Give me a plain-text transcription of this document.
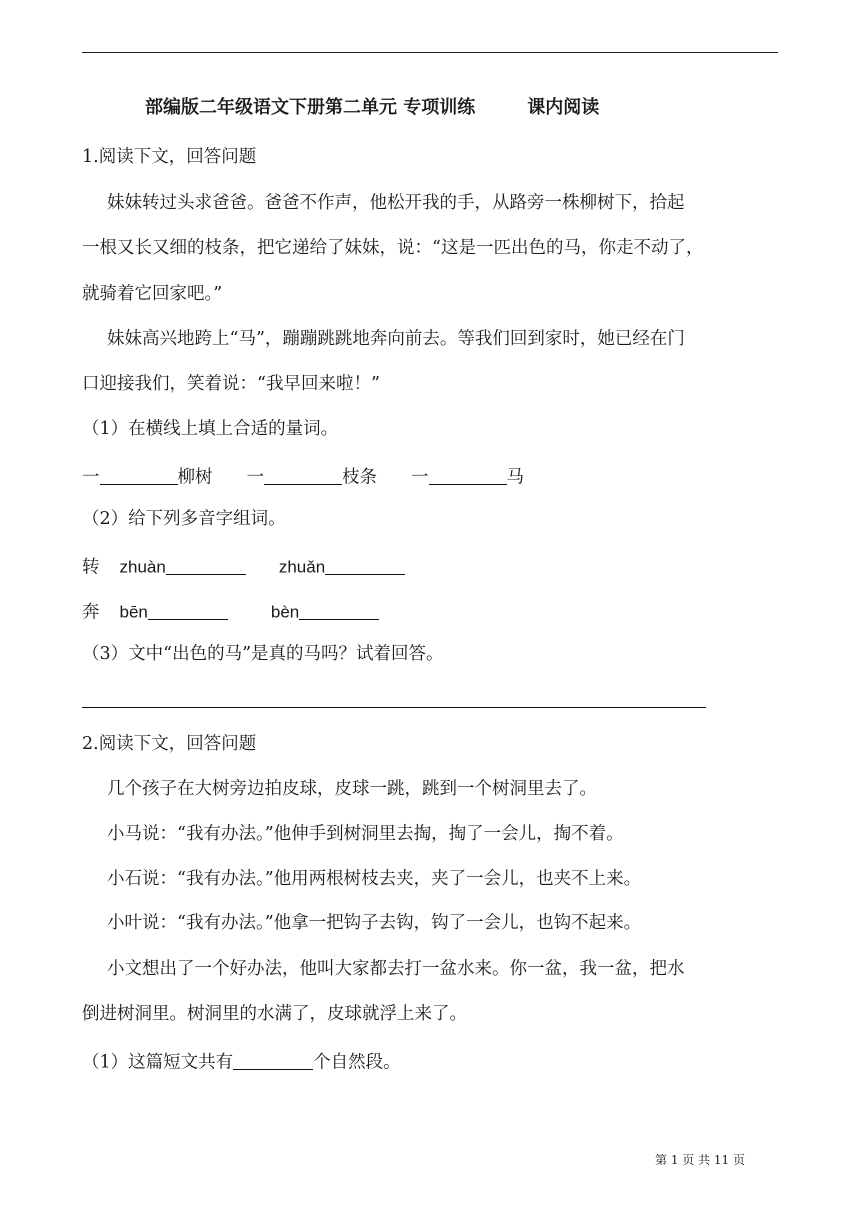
部编版二年级语文下册第二单元 专项训练	课内阅读
1.阅读下文，回答问题
妹妹转过头求爸爸。爸爸不作声，他松开我的手，从路旁一株柳树下，拾起
一根又长又细的枝条，把它递给了妹妹，说：“这是一匹出色的马，你走不动了，
就骑着它回家吧。”
妹妹高兴地跨上“马”，蹦蹦跳跳地奔向前去。等我们回到家时，她已经在门
口迎接我们，笑着说：“我早回来啦！”
（1）在横线上填上合适的量词。
一	柳树 一	枝条 一	马
（2）给下列多音字组词。
转 zhuàn	zhuǎn
奔 bēn	bèn
（3）文中“出色的马”是真的马吗？试着回答。
2.阅读下文，回答问题
几个孩子在大树旁边拍皮球，皮球一跳，跳到一个树洞里去了。
小马说：“我有办法。”他伸手到树洞里去掏，掏了一会儿，掏不着。
小石说：“我有办法。”他用两根树枝去夹，夹了一会儿，也夹不上来。
小叶说：“我有办法。”他拿一把钩子去钩，钩了一会儿，也钩不起来。
小文想出了一个好办法，他叫大家都去打一盆水来。你一盆，我一盆，把水
倒进树洞里。树洞里的水满了，皮球就浮上来了。
（1）这篇短文共有	个自然段。
第 1 页 共 11 页
